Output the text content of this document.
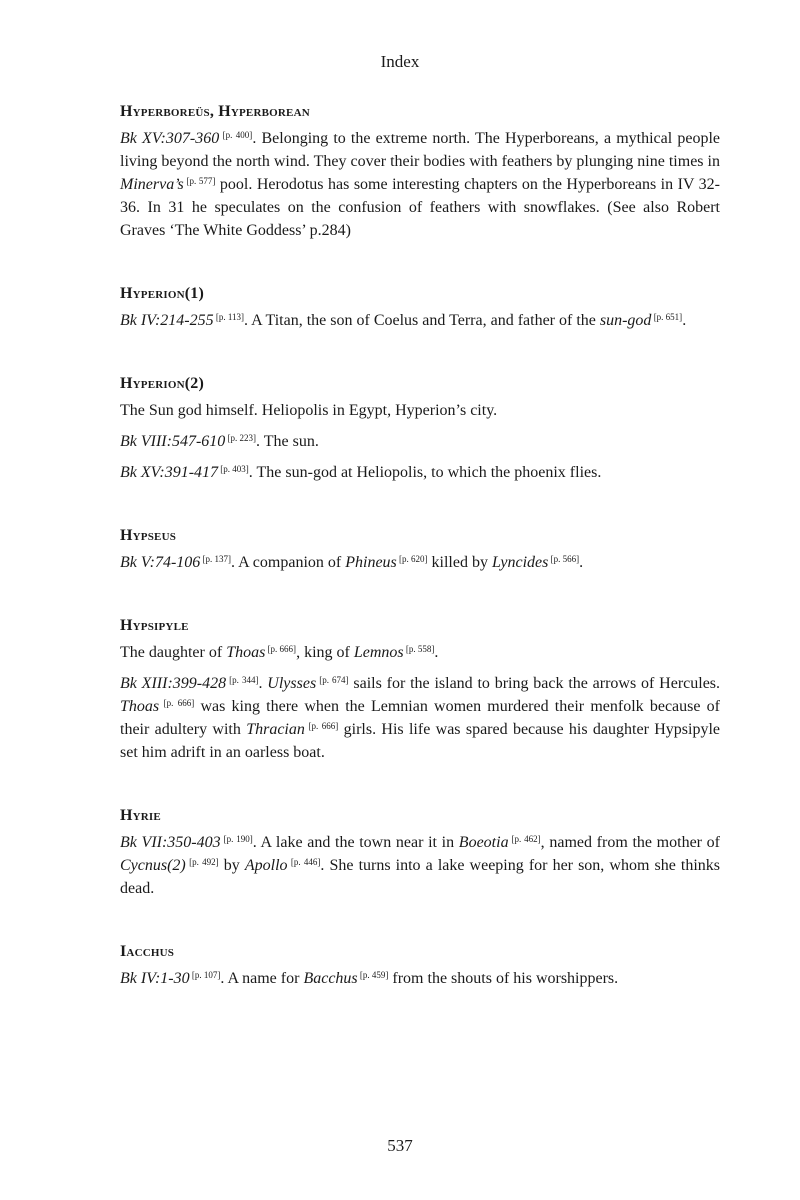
Index
Hyperboreüs, Hyperborean

Bk XV:307-360 [p. 400]. Belonging to the extreme north. The Hyperboreans, a mythical people living beyond the north wind. They cover their bodies with feathers by plunging nine times in Minerva’s [p. 577] pool. Herodotus has some interesting chapters on the Hyperboreans in IV 32-36. In 31 he speculates on the confusion of feathers with snowflakes. (See also Robert Graves ‘The White Goddess’ p.284)

Hyperion(1)

Bk IV:214-255 [p. 113]. A Titan, the son of Coelus and Terra, and father of the sun-god [p. 651].

Hyperion(2)

The Sun god himself. Heliopolis in Egypt, Hyperion’s city.

Bk VIII:547-610 [p. 223]. The sun.

Bk XV:391-417 [p. 403]. The sun-god at Heliopolis, to which the phoenix flies.

Hypseus

Bk V:74-106 [p. 137]. A companion of Phineus [p. 620] killed by Lyncides [p. 566].

Hypsipyle

The daughter of Thoas [p. 666], king of Lemnos [p. 558].

Bk XIII:399-428 [p. 344]. Ulysses [p. 674] sails for the island to bring back the arrows of Hercules. Thoas [p. 666] was king there when the Lemnian women murdered their menfolk because of their adultery with Thracian [p. 666] girls. His life was spared because his daughter Hypsipyle set him adrift in an oarless boat.

Hyrie

Bk VII:350-403 [p. 190]. A lake and the town near it in Boeotia [p. 462], named from the mother of Cycnus(2) [p. 492] by Apollo [p. 446]. She turns into a lake weeping for her son, whom she thinks dead.

Iacchus

Bk IV:1-30 [p. 107]. A name for Bacchus [p. 459] from the shouts of his worshippers.

537
